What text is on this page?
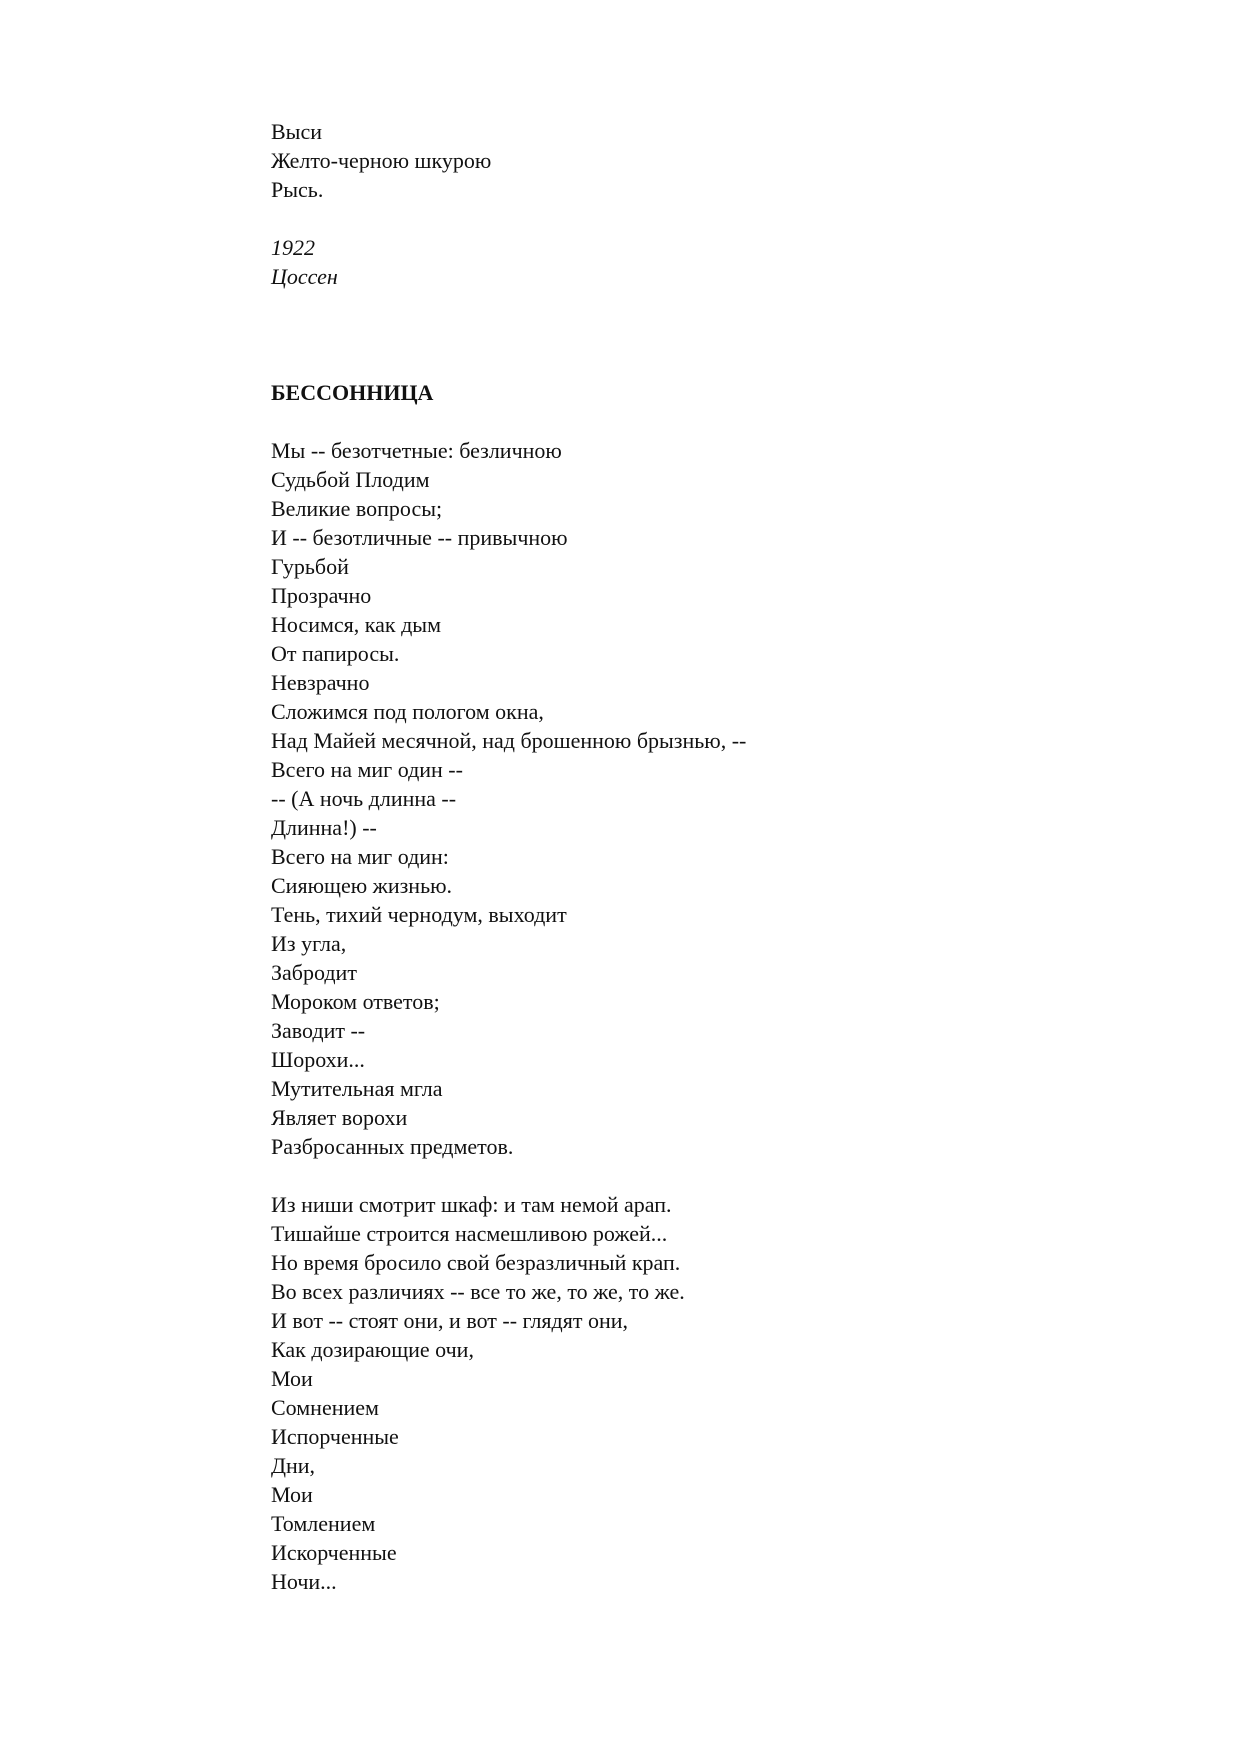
Выси
Желто-черною шкурою
Рысь.
1922
Цоссен
БЕССОННИЦА
Мы -- безотчетные: безличною
Судьбой Плодим
Великие вопросы;
И -- безотличные -- привычною
Гурьбой
Прозрачно
Носимся, как дым
От папиросы.
Невзрачно
Сложимся под пологом окна,
Над Майей месячной, над брошенною брызнью, --
Всего на миг один --
-- (А ночь длинна --
Длинна!) --
Всего на миг один:
Сияющею жизнью.
Тень, тихий чернодум, выходит
Из угла,
Забродит
Мороком ответов;
Заводит --
Шорохи...
Мутительная мгла
Являет ворохи
Разбросанных предметов.
Из ниши смотрит шкаф: и там немой арап.
Тишайше строится насмешливою рожей...
Но время бросило свой безразличный крап.
Во всех различиях -- все то же, то же, то же.
И вот -- стоят они, и вот -- глядят они,
Как дозирающие очи,
Мои
Сомнением
Испорченные
Дни,
Мои
Томлением
Искорченные
Ночи...
